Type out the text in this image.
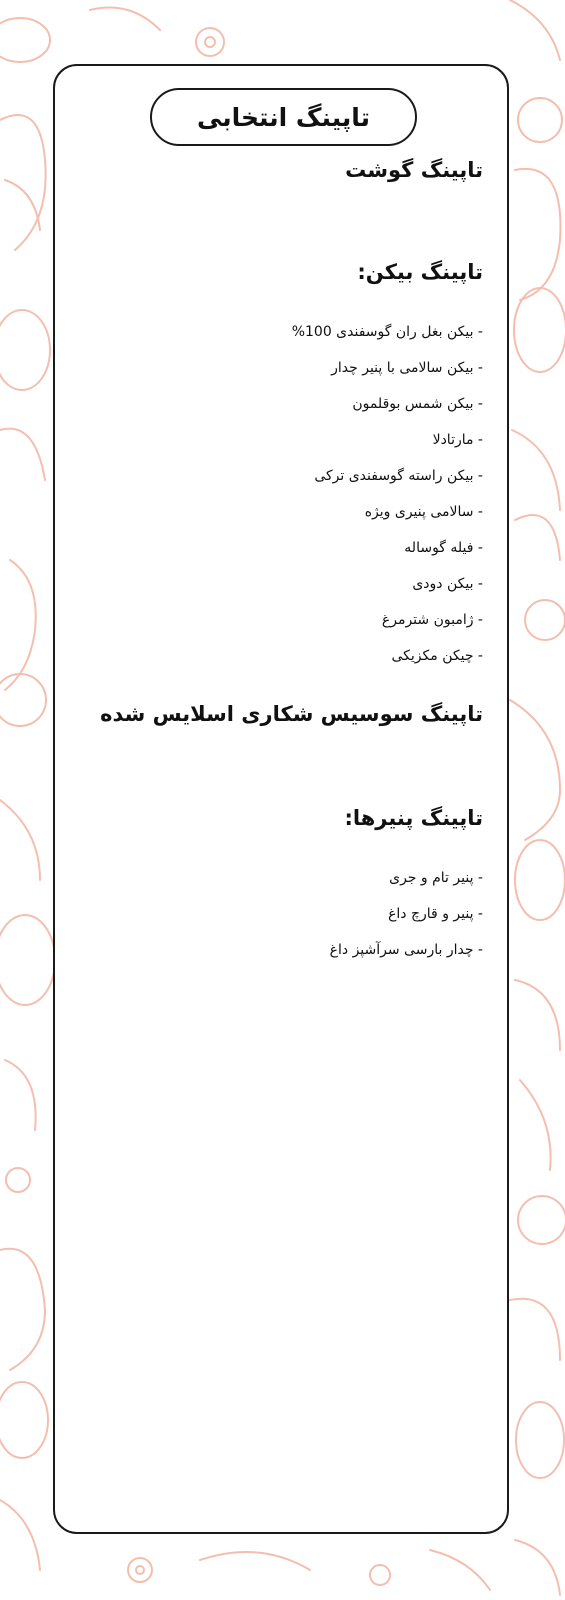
تاپینگ انتخابی
تاپینگ گوشت
تاپینگ بیکن:
- بیکن بغل ران گوسفندی 100%
- بیکن سالامی با پنیر چدار
- بیکن شمس بوقلمون
- مارتادلا
- بیکن راسته گوسفندی ترکی
- سالامی پنیری ویژه
- فیله گوساله
- بیکن دودی
- ژامبون شترمرغ
- چیکن مکزیکی
تاپینگ سوسیس شکاری اسلایس شده
تاپینگ پنیرها:
- پنیر تام و جری
- پنیر و قارچ داغ
- چدار بارسی سرآشپز داغ
